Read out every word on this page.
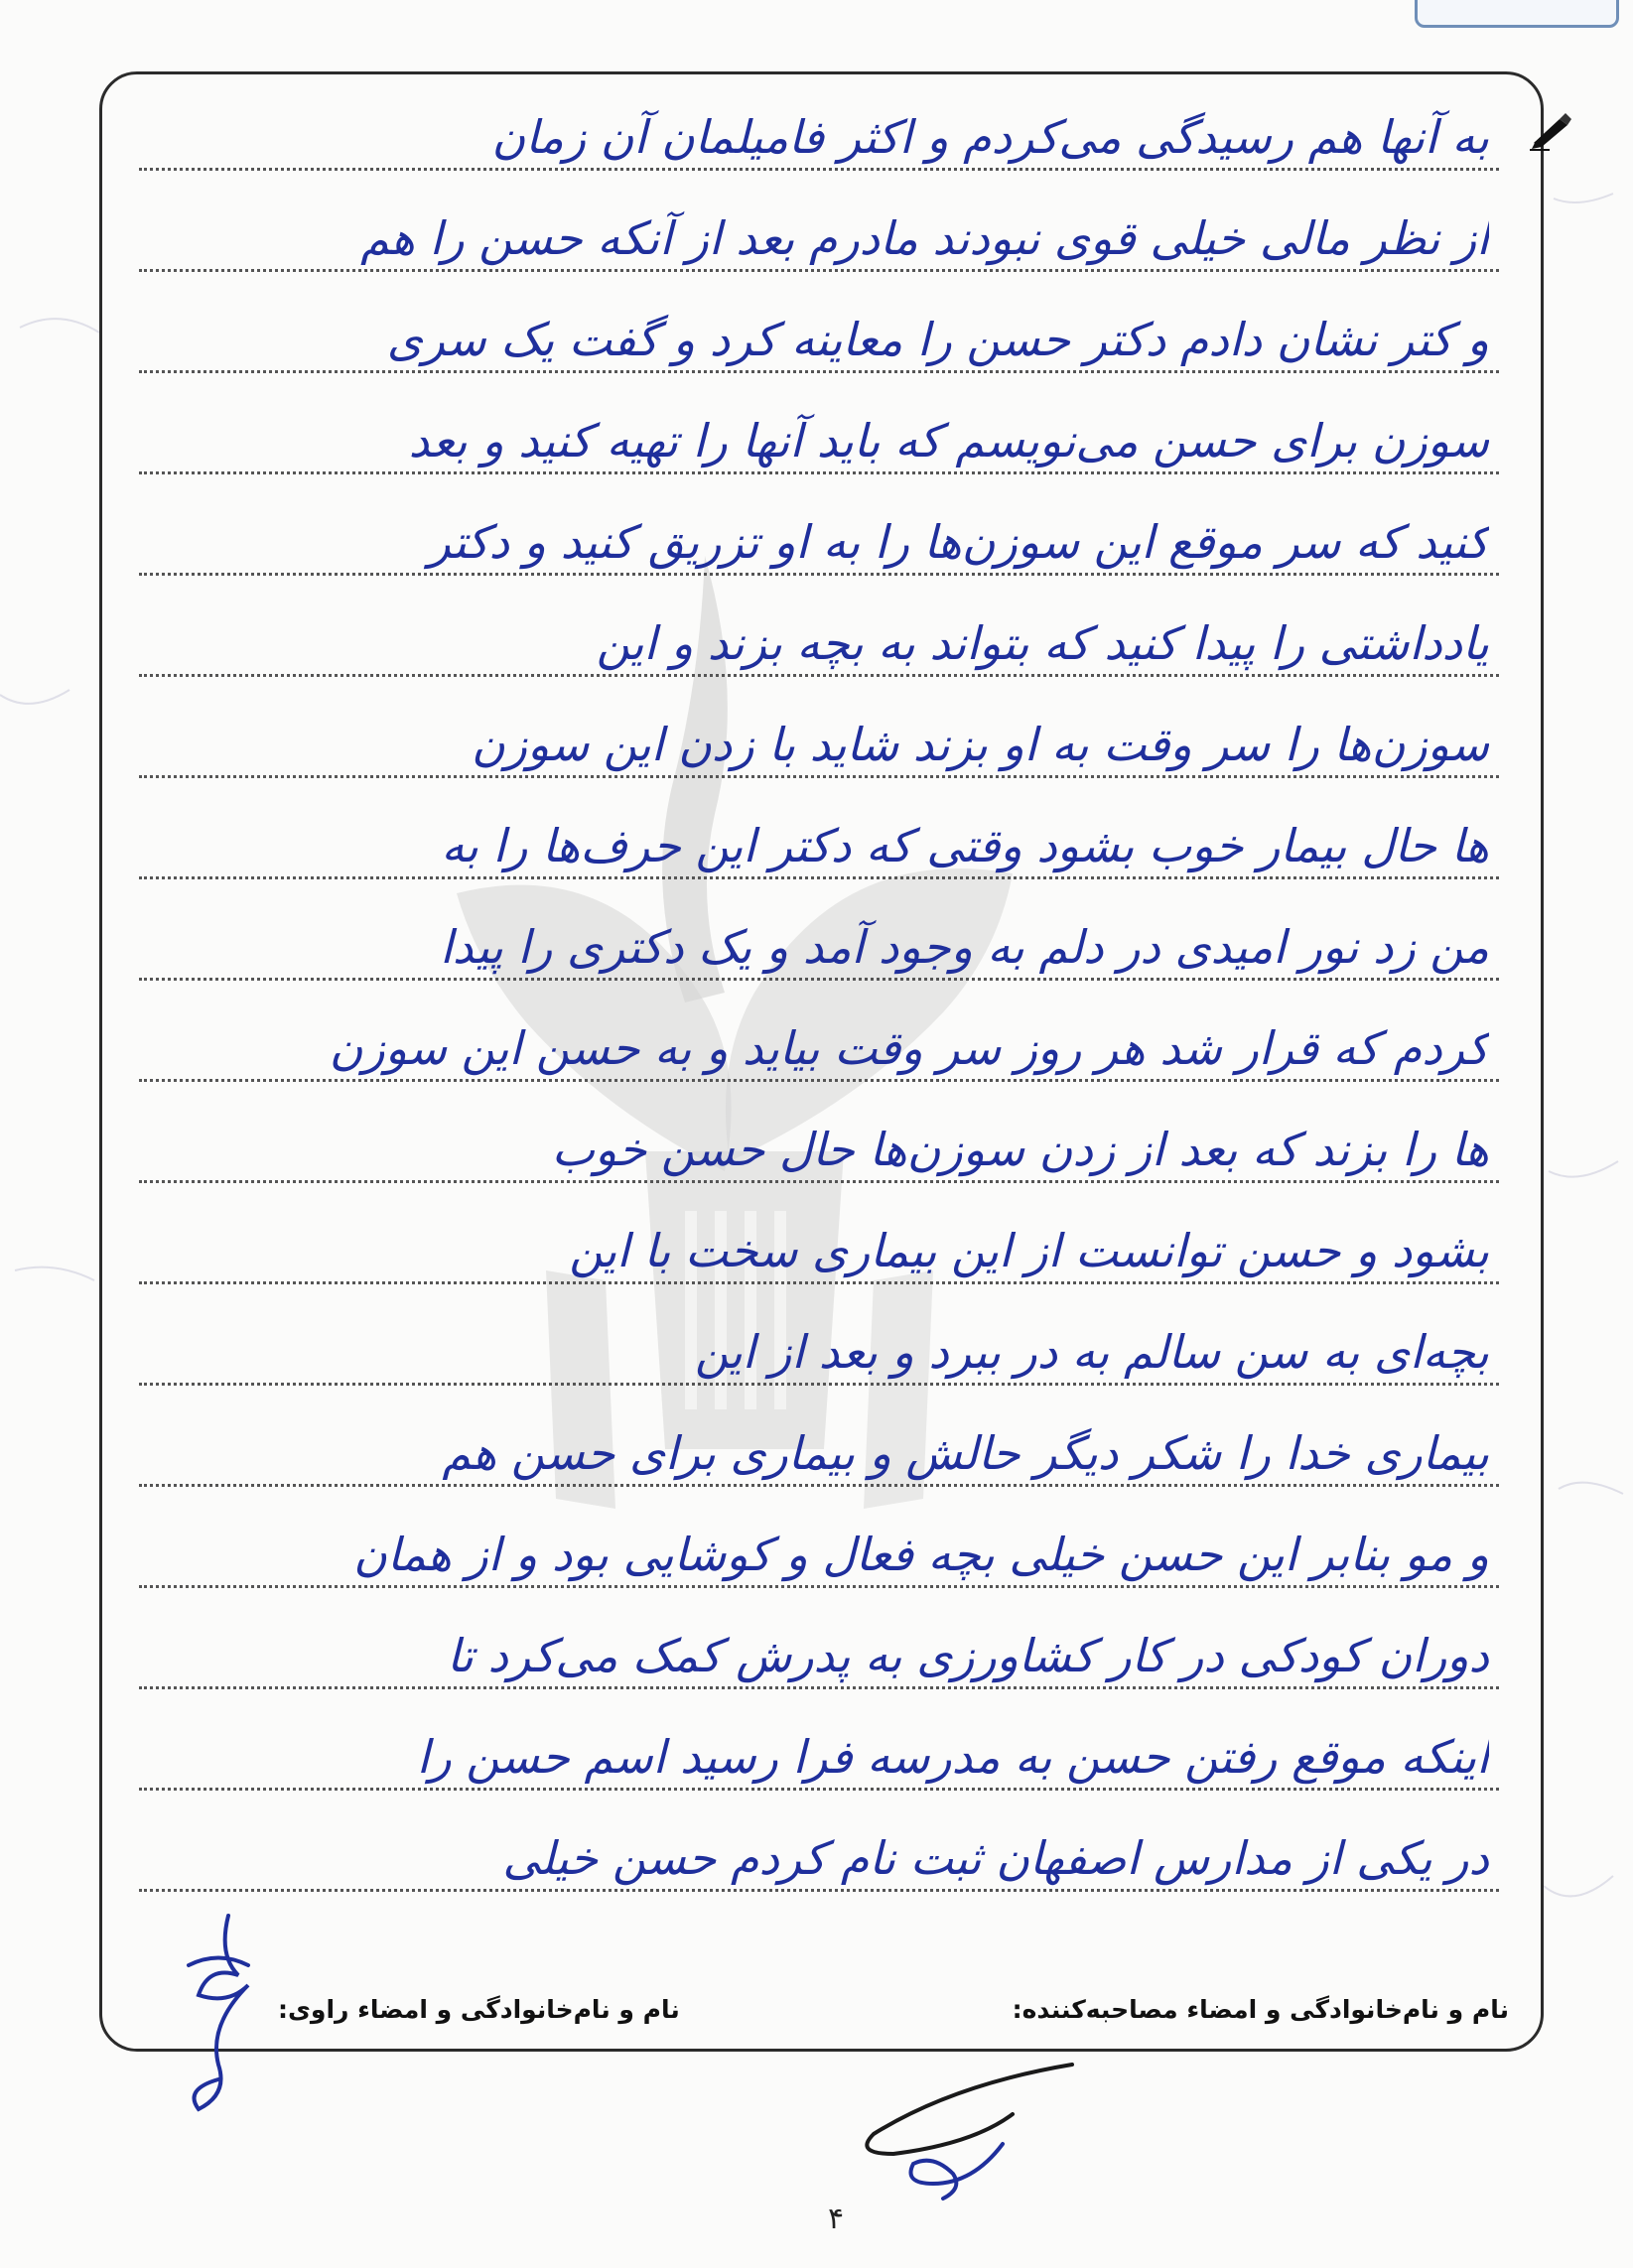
به آنها هم رسیدگی می‌کردم و اکثر فامیلمان آن زمان
از نظر مالی خیلی قوی نبودند مادرم بعد از آنکه حسن را هم
و کتر نشان دادم دکتر حسن را معاینه کرد و گفت یک سری
سوزن برای حسن می‌نویسم که باید آنها را تهیه کنید و بعد
کنید که سر موقع این سوزن‌ها را به او تزریق کنید و دکتر
یادداشتی را پیدا کنید که بتواند به بچه بزند و این
سوزن‌ها را سر وقت به او بزند شاید با زدن این سوزن
ها حال بیمار خوب بشود وقتی که دکتر این حرف‌ها را به
من زد نور امیدی در دلم به وجود آمد و یک دکتری را پیدا
کردم که قرار شد هر روز سر وقت بیاید و به حسن این سوزن
ها را بزند که بعد از زدن سوزن‌ها حال حسن خوب
بشود و حسن توانست از این بیماری سخت با این
بچه‌ای به سن سالم به در ببرد و بعد از این
بیماری خدا را شکر دیگر حالش و بیماری برای حسن هم
و مو بنابر این حسن خیلی بچه فعال و کوشایی بود و از همان
دوران کودکی در کار کشاورزی به پدرش کمک می‌کرد تا
اینکه موقع رفتن حسن به مدرسه فرا رسید اسم حسن را
در یکی از مدارس اصفهان ثبت نام کردم حسن خیلی
نام و نام‌خانوادگی و امضاء مصاحبه‌کننده:
نام و نام‌خانوادگی و امضاء راوی:
۴
